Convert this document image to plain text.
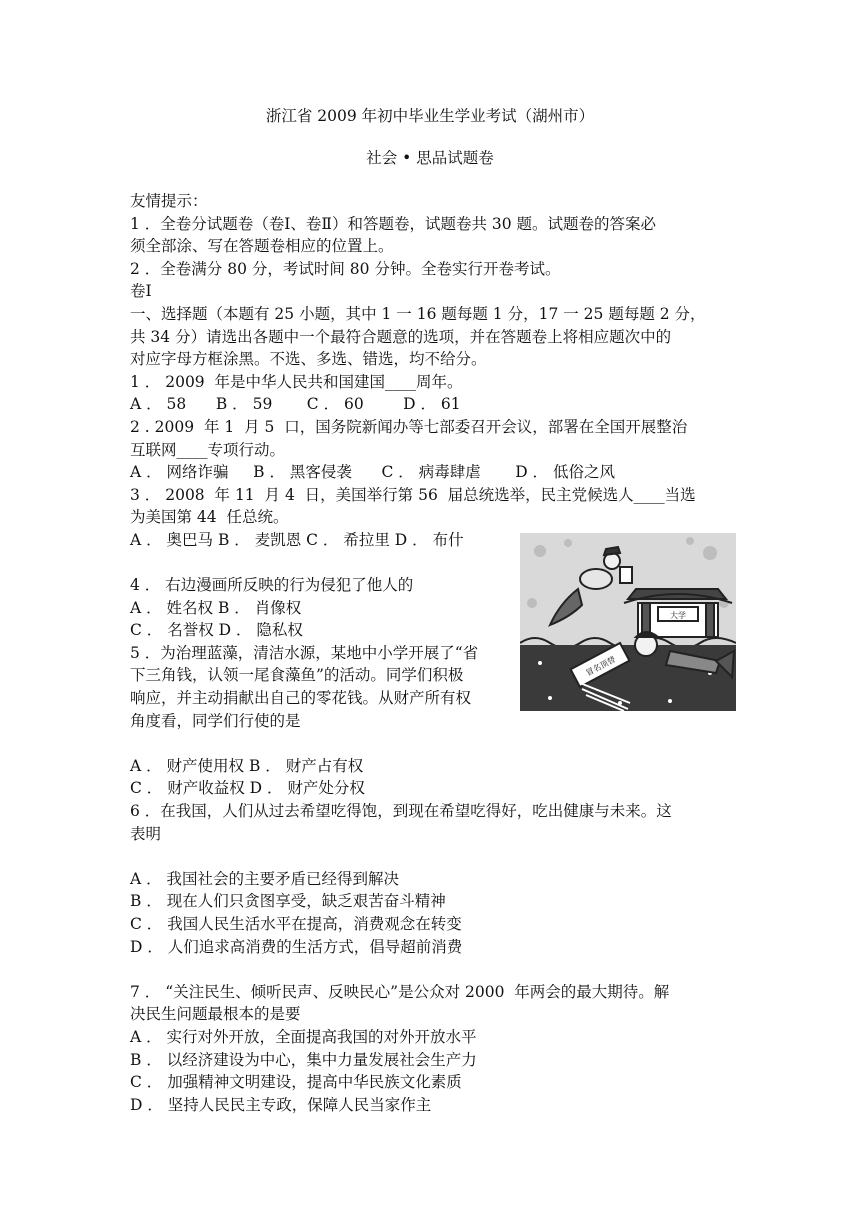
浙江省 2009 年初中毕业生学业考试（湖州市）
社会 • 思品试题卷
友情提示：
1 ．全卷分试题卷（卷Ⅰ、卷Ⅱ）和答题卷，试题卷共 30 题。试题卷的答案必
须全部涂、写在答题卷相应的位置上。
2 ．全卷满分 80 分，考试时间 80 分钟。全卷实行开卷考试。
卷Ⅰ
一、选择题（本题有 25 小题，其中 1 一 16 题每题 1 分，17 一 25 题每题 2 分，
共 34 分）请选出各题中一个最符合题意的选项，并在答题卷上将相应题次中的
对应字母方框涂黑。不选、多选、错选，均不给分。
1 ． 2009  年是中华人民共和国建国____周年。
A ． 58      B ． 59       C ． 60        D ． 61
2 . 2009  年 1  月 5  口，国务院新闻办等七部委召开会议，部署在全国开展整治
互联网____专项行动。
A ． 网络诈骗     B ． 黑客侵袭      C ． 病毒肆虐       D ． 低俗之风
3 ． 2008  年 11  月 4  日，美国举行第 56  届总统选举，民主党候选人____当选
为美国第 44  任总统。
A ． 奥巴马 B ． 麦凯恩 C ． 希拉里 D ． 布什
4 ． 右边漫画所反映的行为侵犯了他人的
A ． 姓名权 B ． 肖像权
C ． 名誉权 D ． 隐私权
5 ．为治理蓝藻，清洁水源，某地中小学开展了“省
下三角钱，认领一尾食藻鱼”的活动。同学们积极
响应，并主动捐献出自己的零花钱。从财产所有权
角度看，同学们行使的是
A ． 财产使用权 B ． 财产占有权
C ． 财产收益权 D ． 财产处分权
6 ．在我国，人们从过去希望吃得饱，到现在希望吃得好，吃出健康与未来。这
表明
A ． 我国社会的主要矛盾已经得到解决
B ． 现在人们只贪图享受，缺乏艰苦奋斗精神
C ． 我国人民生活水平在提高，消费观念在转变
D ． 人们追求高消费的生活方式，倡导超前消费
7 ． “关注民生、倾听民声、反映民心”是公众对 2000  年两会的最大期待。解
决民生问题最根本的是要
A ． 实行对外开放，全面提高我国的对外开放水平
B ． 以经济建设为中心，集中力量发展社会生产力
C ． 加强精神文明建设，提高中华民族文化素质
D ． 坚持人民民主专政，保障人民当家作主
大学
冒名顶替
